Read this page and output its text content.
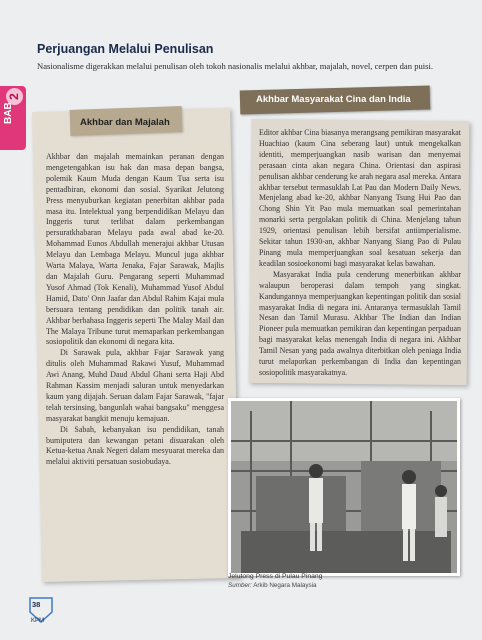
Perjuangan Melalui Penulisan
Nasionalisme digerakkan melalui penulisan oleh tokoh nasionalis melalui akhbar, majalah, novel, cerpen dan puisi.
2
BAB	Akhbar dan Majalah

Akhbar dan majalah memainkan peranan dengan mengetengahkan isu hak dan masa depan bangsa, polemik Kaum Muda dengan Kaum Tua serta isu pentadbiran, ekonomi dan sosial. Syarikat Jelutong Press menyuburkan kegiatan penerbitan akhbar pada masa itu. Intelektual yang berpendidikan Melayu dan Inggeris turut terlibat dalam perkembangan persuratkhabaran Melayu pada awal abad ke-20. Mohammad Eunos Abdullah menerajui akhbar Utusan Melayu dan Lembaga Melayu. Muncul juga akhbar Warta Malaya, Warta Jenaka, Fajar Sarawak, Majlis dan Majalah Guru. Pengarang seperti Muhammad Yusof Ahmad (Tok Kenali), Muhammad Yusof Abdul Hamid, Dato' Onn Jaafar dan Abdul Rahim Kajai mula bersuara tentang pendidikan dan politik tanah air. Akhbar berbahasa Inggeris seperti The Malay Mail dan The Malaya Tribune turut memaparkan perkembangan sosiopolitik dan ekonomi di negara kita.

Di Sarawak pula, akhbar Fajar Sarawak yang ditulis oleh Muhammad Rakawi Yusuf, Muhammad Awi Anang, Muhd Daud Abdul Ghani serta Haji Abd Rahman Kassim menjadi saluran untuk menyedarkan kaum yang dijajah. Seruan dalam Fajar Sarawak, "fajar telah tersinsing, bangunlah wahai bangsaku" menggesa masyarakat bangkit menuju kemajuan.

Di Sabah, kebanyakan isu pendidikan, tanah bumiputera dan kewangan petani disuarakan oleh Ketua-ketua Anak Negeri dalam mesyuarat mereka dan melalui aktiviti persatuan sosiobudaya.

Akhbar Masyarakat Cina dan India

Editor akhbar Cina biasanya merangsang pemikiran masyarakat Huachiao (kaum Cina seberang laut) untuk mengekalkan identiti, memperjuangkan nasib warisan dan menyemai perasaan cinta akan negara China. Orientasi dan aspirasi penulisan akhbar cenderung ke arah negara asal mereka. Antara akhbar tersebut termasuklah Lat Pau dan Modern Daily News. Menjelang abad ke-20, akhbar Nanyang Tsung Hui Pao dan Chong Shin Yit Pao mula memuatkan soal pemerintahan monarki serta pergolakan politik di China. Menjelang tahun 1929, orientasi penulisan lebih bersifat antiimperialisme. Sekitar tahun 1930-an, akhbar Nanyang Siang Pao di Pulau Pinang mula memperjuangkan soal kesatuan sekerja dan keadilan sosioekonomi bagi masyarakat kelas bawahan.

Masyarakat India pula cenderung menerbitkan akhbar walaupun beroperasi dalam tempoh yang singkat. Kandungannya memperjuangkan kepentingan politik dan sosial masyarakat India di negara ini. Antaranya termasuklah Tamil Nesan dan Tamil Murasu. Akhbar The Indian dan Indian Pioneer pula memuatkan pemikiran dan kepentingan perpaduan bagi masyarakat kelas menengah India di negara ini. Akhbar Tamil Nesan yang pada awalnya diterbitkan oleh peniaga India turut melaporkan perkembangan di India dan kepentingan sosiopolitik masyarakatnya.

Jelutong Press di Pulau Pinang
Sumber: Arkib Negara Malaysia
38
KPM
